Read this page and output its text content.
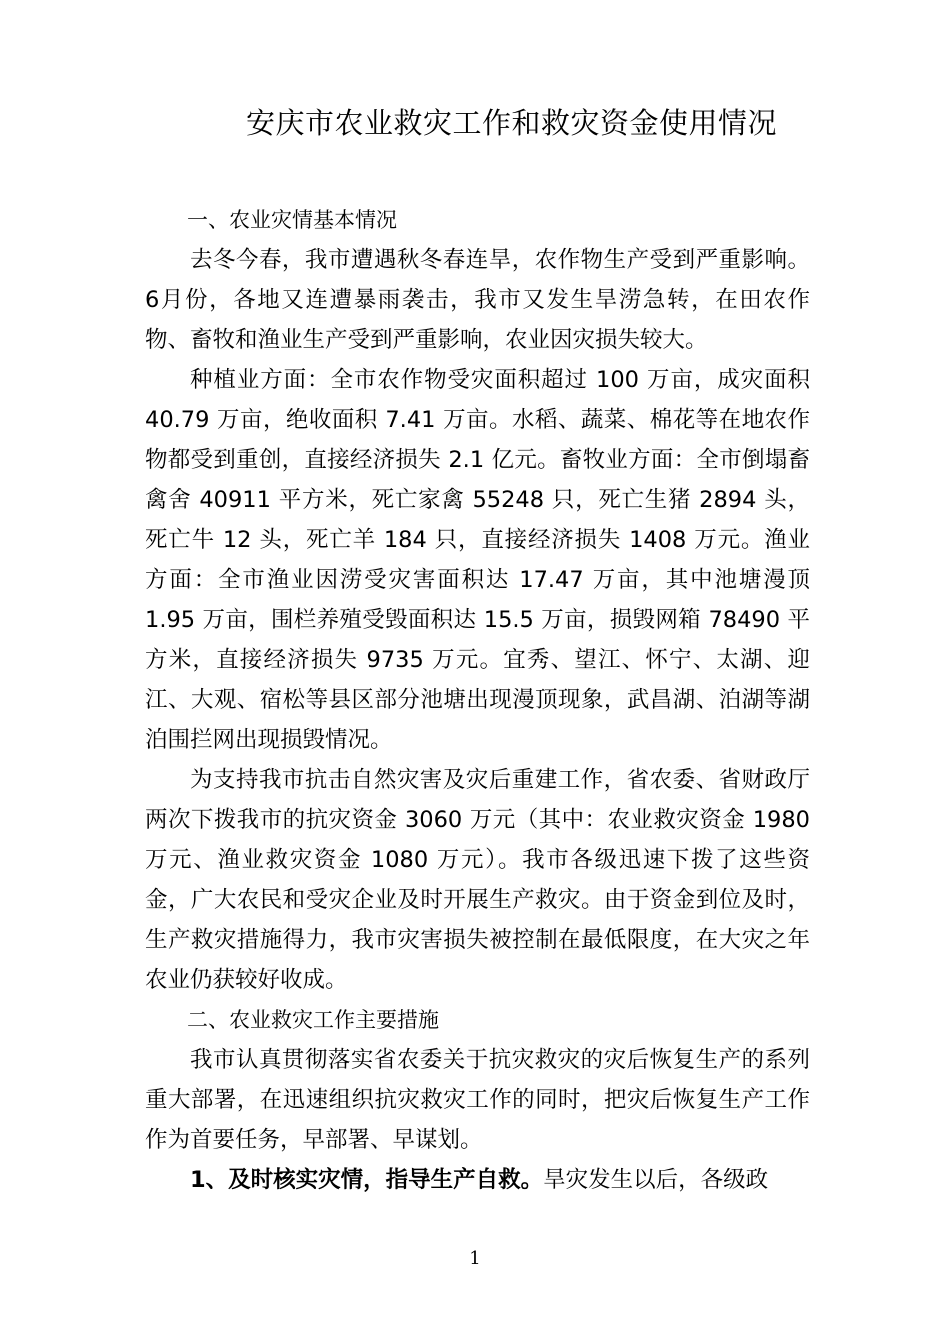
安庆市农业救灾工作和救灾资金使用情况

一、农业灾情基本情况

去冬今春，我市遭遇秋冬春连旱，农作物生产受到严重影响。6月份，各地又连遭暴雨袭击，我市又发生旱涝急转，在田农作物、畜牧和渔业生产受到严重影响，农业因灾损失较大。

种植业方面：全市农作物受灾面积超过 100 万亩，成灾面积 40.79 万亩，绝收面积 7.41 万亩。水稻、蔬菜、棉花等在地农作物都受到重创，直接经济损失 2.1 亿元。畜牧业方面：全市倒塌畜禽舍 40911 平方米，死亡家禽 55248 只，死亡生猪 2894 头，死亡牛 12 头，死亡羊 184 只，直接经济损失 1408 万元。渔业方面：全市渔业因涝受灾害面积达 17.47 万亩，其中池塘漫顶 1.95 万亩，围栏养殖受毁面积达 15.5 万亩，损毁网箱 78490 平方米，直接经济损失 9735 万元。宜秀、望江、怀宁、太湖、迎江、大观、宿松等县区部分池塘出现漫顶现象，武昌湖、泊湖等湖泊围拦网出现损毁情况。

为支持我市抗击自然灾害及灾后重建工作，省农委、省财政厅两次下拨我市的抗灾资金 3060 万元（其中：农业救灾资金 1980 万元、渔业救灾资金 1080 万元）。我市各级迅速下拨了这些资金，广大农民和受灾企业及时开展生产救灾。由于资金到位及时，生产救灾措施得力，我市灾害损失被控制在最低限度，在大灾之年农业仍获较好收成。

二、农业救灾工作主要措施

我市认真贯彻落实省农委关于抗灾救灾的灾后恢复生产的系列重大部署，在迅速组织抗灾救灾工作的同时，把灾后恢复生产工作作为首要任务，早部署、早谋划。

1、及时核实灾情，指导生产自救。旱灾发生以后，各级政

1
